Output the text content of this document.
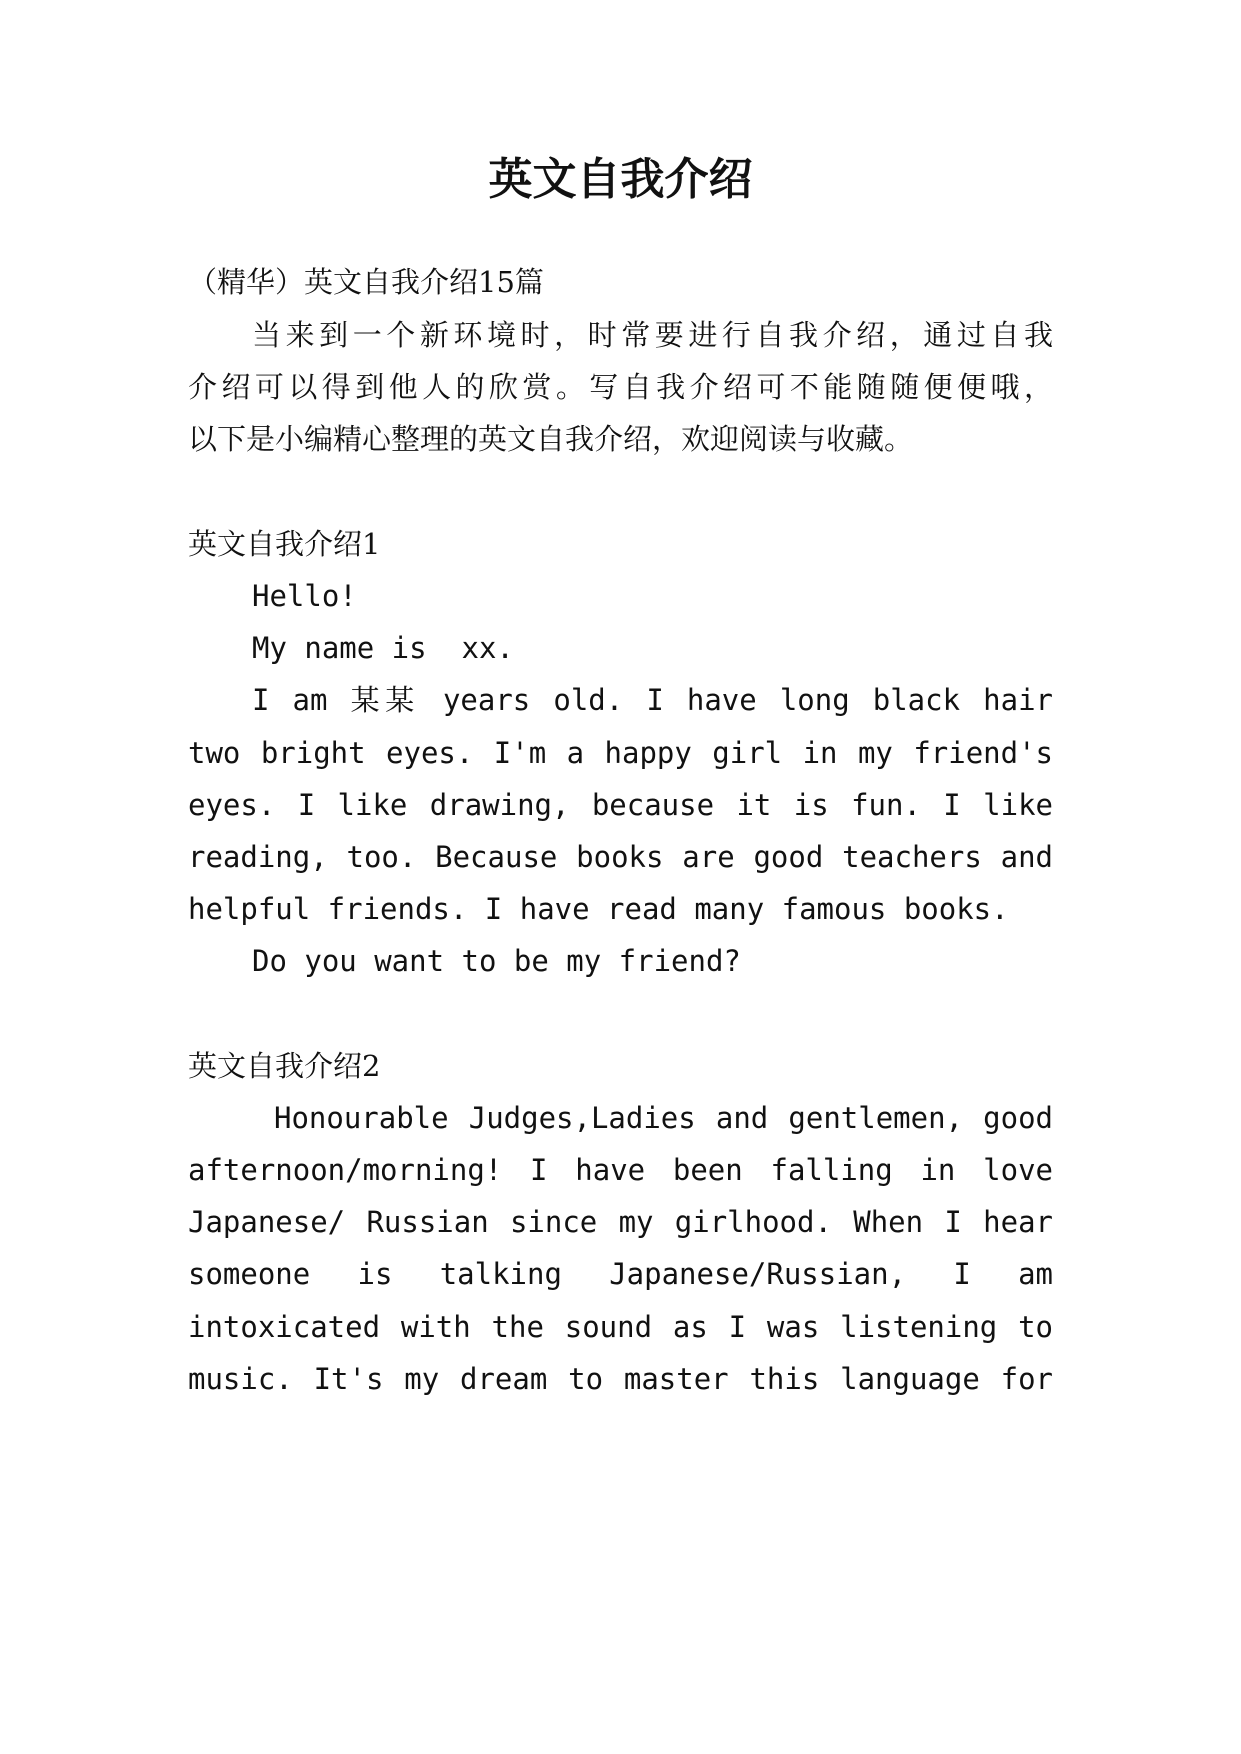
英文自我介绍

（精华）英文自我介绍15篇

当来到一个新环境时，时常要进行自我介绍，通过自我

介绍可以得到他人的欣赏。写自我介绍可不能随随便便哦，

以下是小编精心整理的英文自我介绍，欢迎阅读与收藏。

英文自我介绍1

Hello!

My name is  xx.

I am 某某 years old. I have long black hair

two bright eyes. I'm a happy girl in my friend's

eyes. I like drawing, because it is fun. I like

reading, too. Because books are good teachers and

helpful friends. I have read many famous books.

Do you want to be my friend?

英文自我介绍2

Honourable Judges,Ladies and gentlemen, good

afternoon/morning! I have been falling in love

Japanese/ Russian since my girlhood. When I hear

someone is talking Japanese/Russian, I am

intoxicated with the sound as I was listening to

music. It's my dream to master this language for
